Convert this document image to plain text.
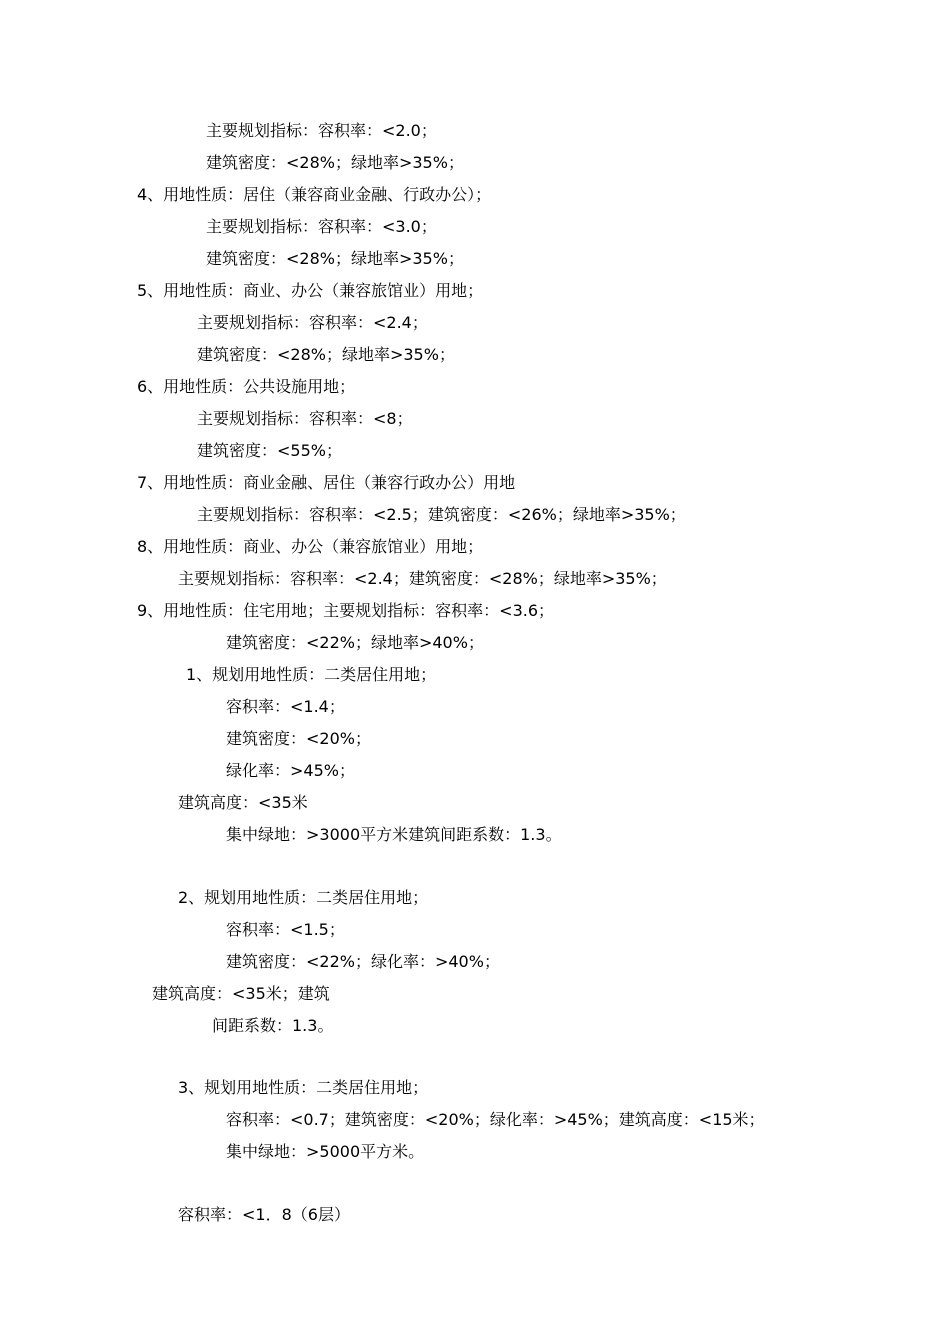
主要规划指标：容积率：<2.0；
建筑密度：<28%；绿地率>35%；
4、用地性质：居住（兼容商业金融、行政办公）；
主要规划指标：容积率：<3.0；
建筑密度：<28%；绿地率>35%；
5、用地性质：商业、办公（兼容旅馆业）用地；
主要规划指标：容积率：<2.4；
建筑密度：<28%；绿地率>35%；
6、用地性质：公共设施用地；
主要规划指标：容积率：<8；
建筑密度：<55%；
7、用地性质：商业金融、居住（兼容行政办公）用地
主要规划指标：容积率：<2.5；建筑密度：<26%；绿地率>35%；
8、用地性质：商业、办公（兼容旅馆业）用地；
主要规划指标：容积率：<2.4；建筑密度：<28%；绿地率>35%；
9、用地性质：住宅用地；主要规划指标：容积率：<3.6；
建筑密度：<22%；绿地率>40%；
1、规划用地性质：二类居住用地；
容积率：<1.4；
建筑密度：<20%；
绿化率：>45%；
建筑高度：<35米
集中绿地：>3000平方米建筑间距系数：1.3。
2、规划用地性质：二类居住用地；
容积率：<1.5；
建筑密度：<22%；绿化率：>40%；
建筑高度：<35米；建筑
间距系数：1.3。
3、规划用地性质：二类居住用地；
容积率：<0.7；建筑密度：<20%；绿化率：>45%；建筑高度：<15米；
集中绿地：>5000平方米。
容积率：<1．8（6层）
